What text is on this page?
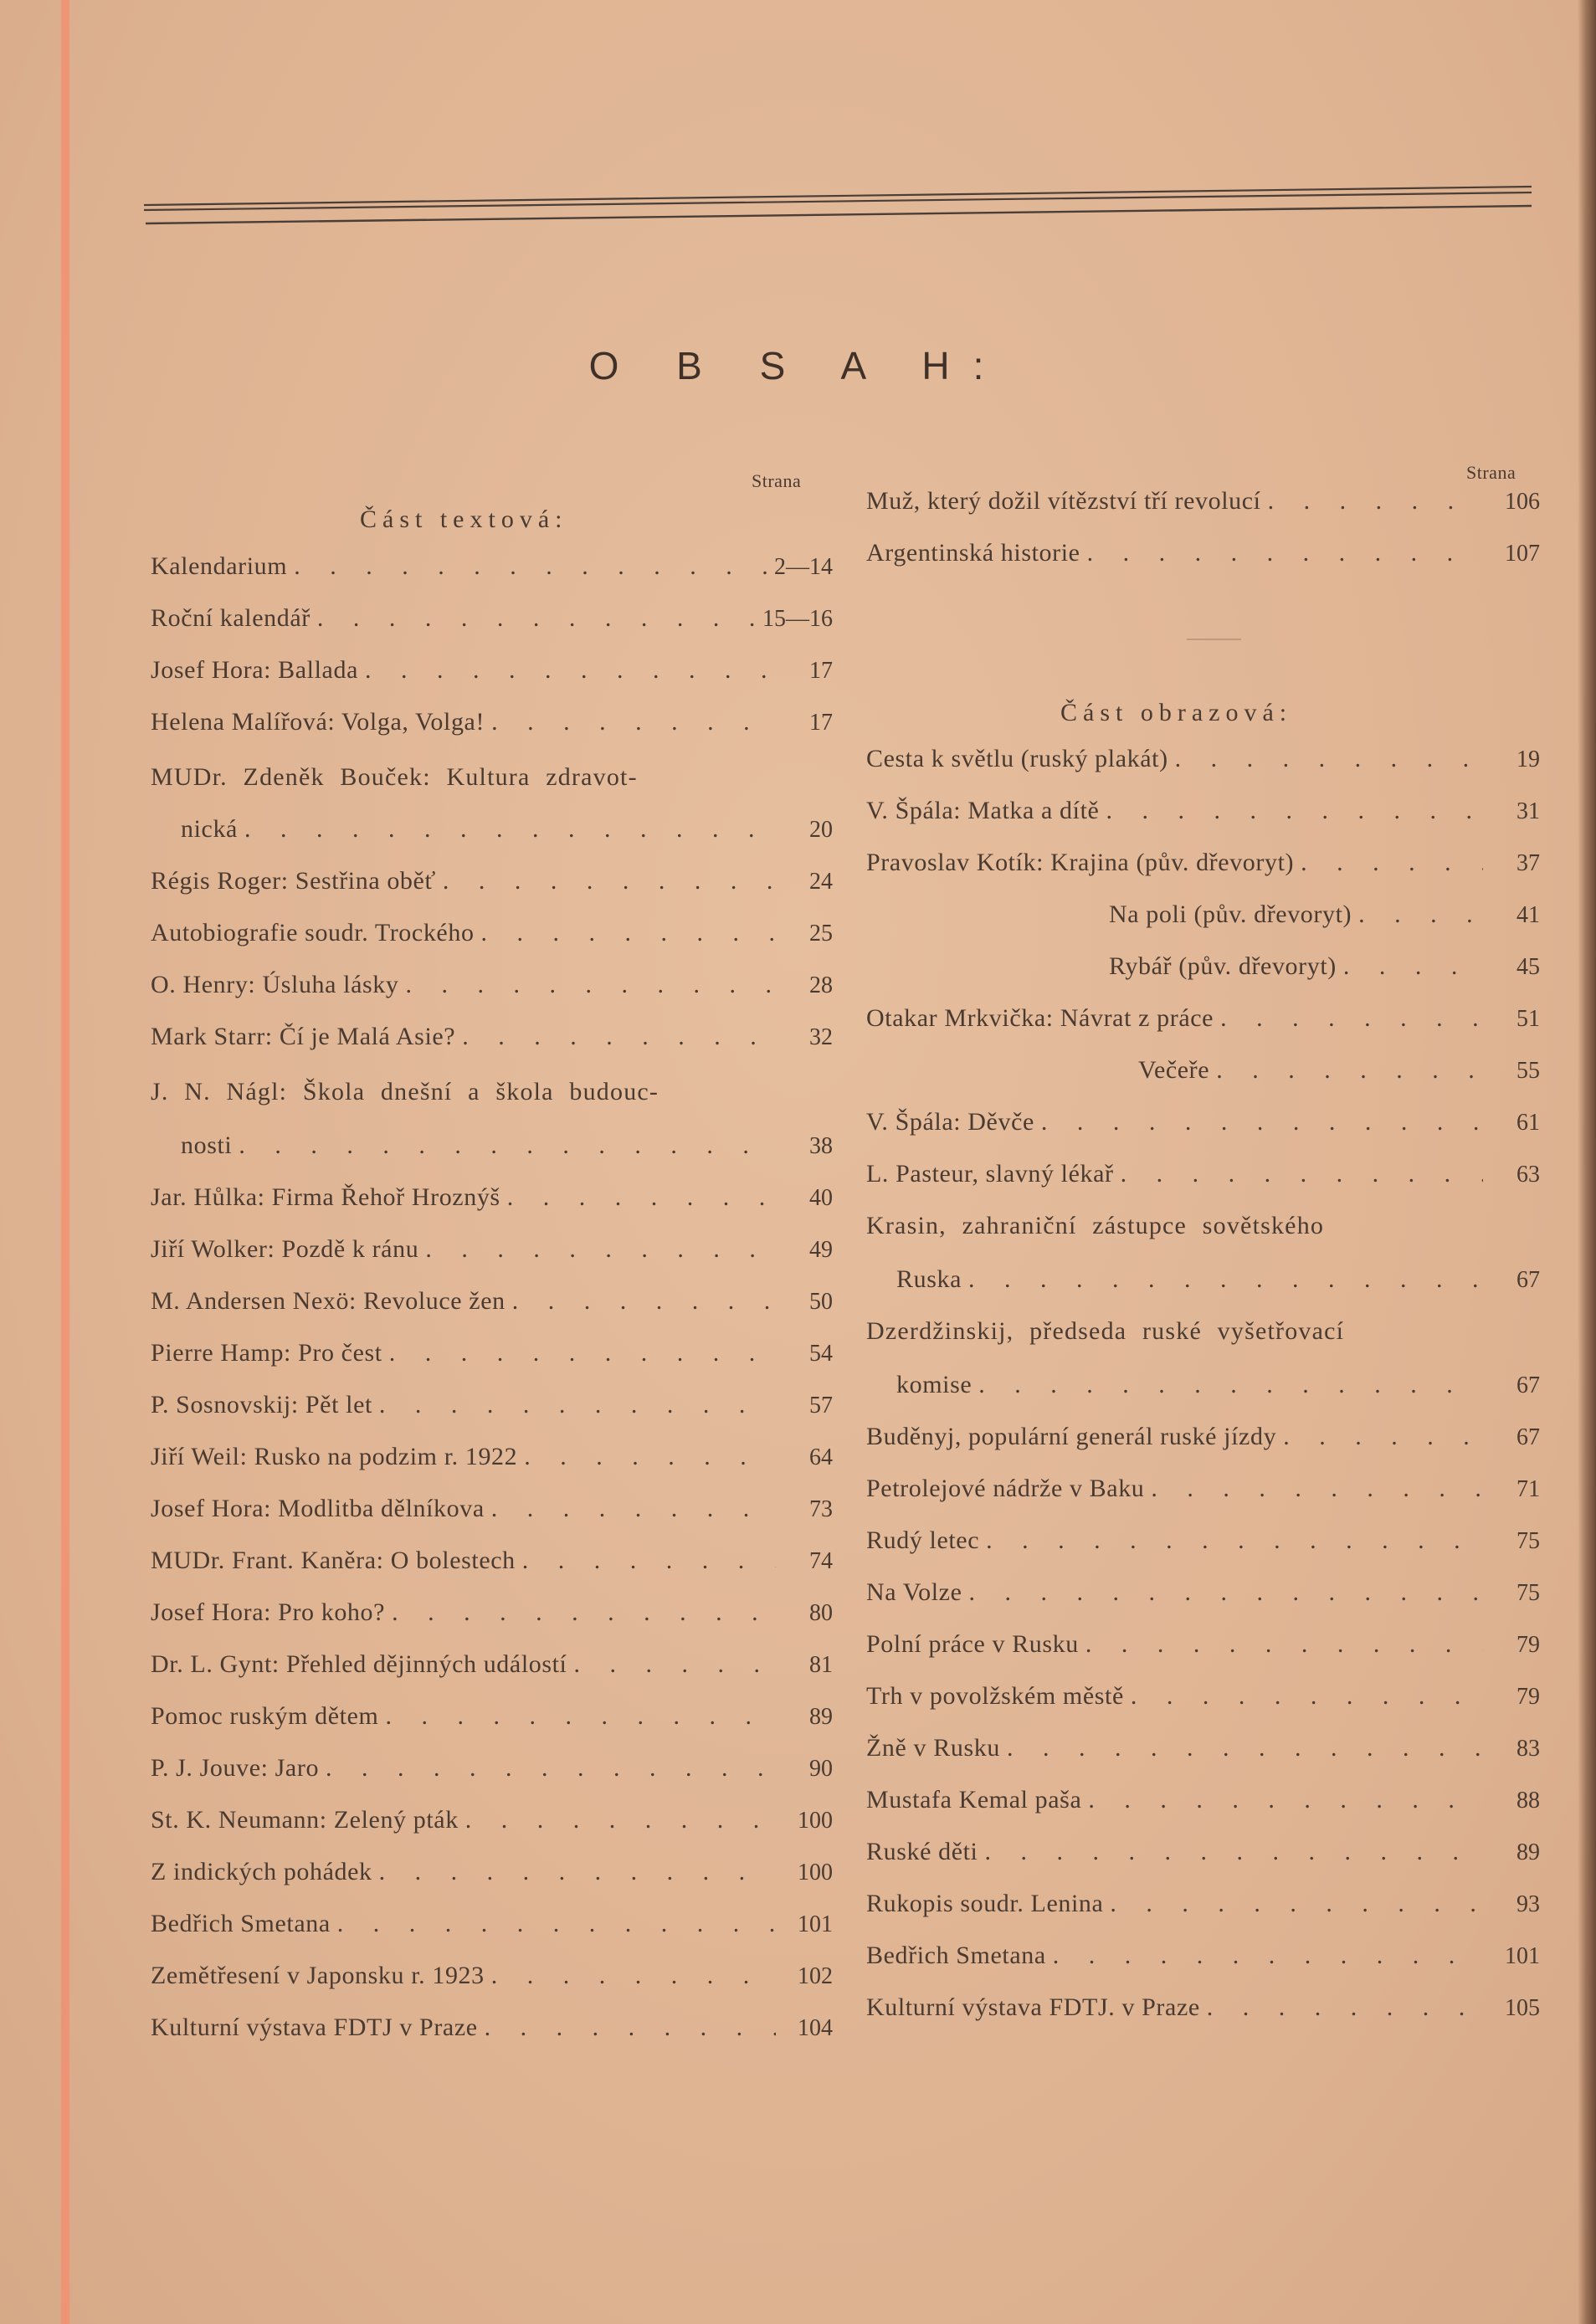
O B S A H:
Strana
Část textová:
Kalendarium . . .	2—14
Roční kalendář . . .	15—16
Josef Hora: Ballada . . .	17
Helena Malířová: Volga, Volga! . . .	17
MUDr. Zdeněk Bouček: Kultura zdravot-
nická . . .	20
Régis Roger: Sestřina oběť . . .	24
Autobiografie soudr. Trockého . . .	25
O. Henry: Úsluha lásky . . .	28
Mark Starr: Čí je Malá Asie? . . .	32
J. N. Nágl: Škola dnešní a škola budouc-
nosti . . .	38
Jar. Hůlka: Firma Řehoř Hroznýš . . .	40
Jiří Wolker: Pozdě k ránu . . .	49
M. Andersen Nexö: Revoluce žen . . .	50
Pierre Hamp: Pro čest . . .	54
P. Sosnovskij: Pět let . . .	57
Jiří Weil: Rusko na podzim r. 1922 . . .	64
Josef Hora: Modlitba dělníkova . . .	73
MUDr. Frant. Kaněra: O bolestech . . .	74
Josef Hora: Pro koho? . . .	80
Dr. L. Gynt: Přehled dějinných událostí . . .	81
Pomoc ruským dětem . . .	89
P. J. Jouve: Jaro . . .	90
St. K. Neumann: Zelený pták . . .	100
Z indických pohádek . . .	100
Bedřich Smetana . . .	101
Zemětřesení v Japonsku r. 1923 . . .	102
Kulturní výstava FDTJ v Praze . . .	104
Strana
Muž, který dožil vítězství tří revolucí . . .	106
Argentinská historie . . .	107
Část obrazová:
Cesta k světlu (ruský plakát) . . .	19
V. Špála: Matka a dítě . . .	31
Pravoslav Kotík: Krajina (pův. dřevoryt) . . .	37
Na poli (pův. dřevoryt) . . .	41
Rybář (pův. dřevoryt) . . .	45
Otakar Mrkvička: Návrat z práce . . .	51
Večeře . . .	55
V. Špála: Děvče . . .	61
L. Pasteur, slavný lékař . . .	63
Krasin, zahraniční zástupce sovětského
Ruska . . .	67
Dzerdžinskij, předseda ruské vyšetřovací
komise . . .	67
Buděnyj, populární generál ruské jízdy . . .	67
Petrolejové nádrže v Baku . . .	71
Rudý letec . . .	75
Na Volze . . .	75
Polní práce v Rusku . . .	79
Trh v povolžském městě . . .	79
Žně v Rusku . . .	83
Mustafa Kemal paša . . .	88
Ruské děti . . .	89
Rukopis soudr. Lenina . . .	93
Bedřich Smetana . . .	101
Kulturní výstava FDTJ. v Praze . . .	105
